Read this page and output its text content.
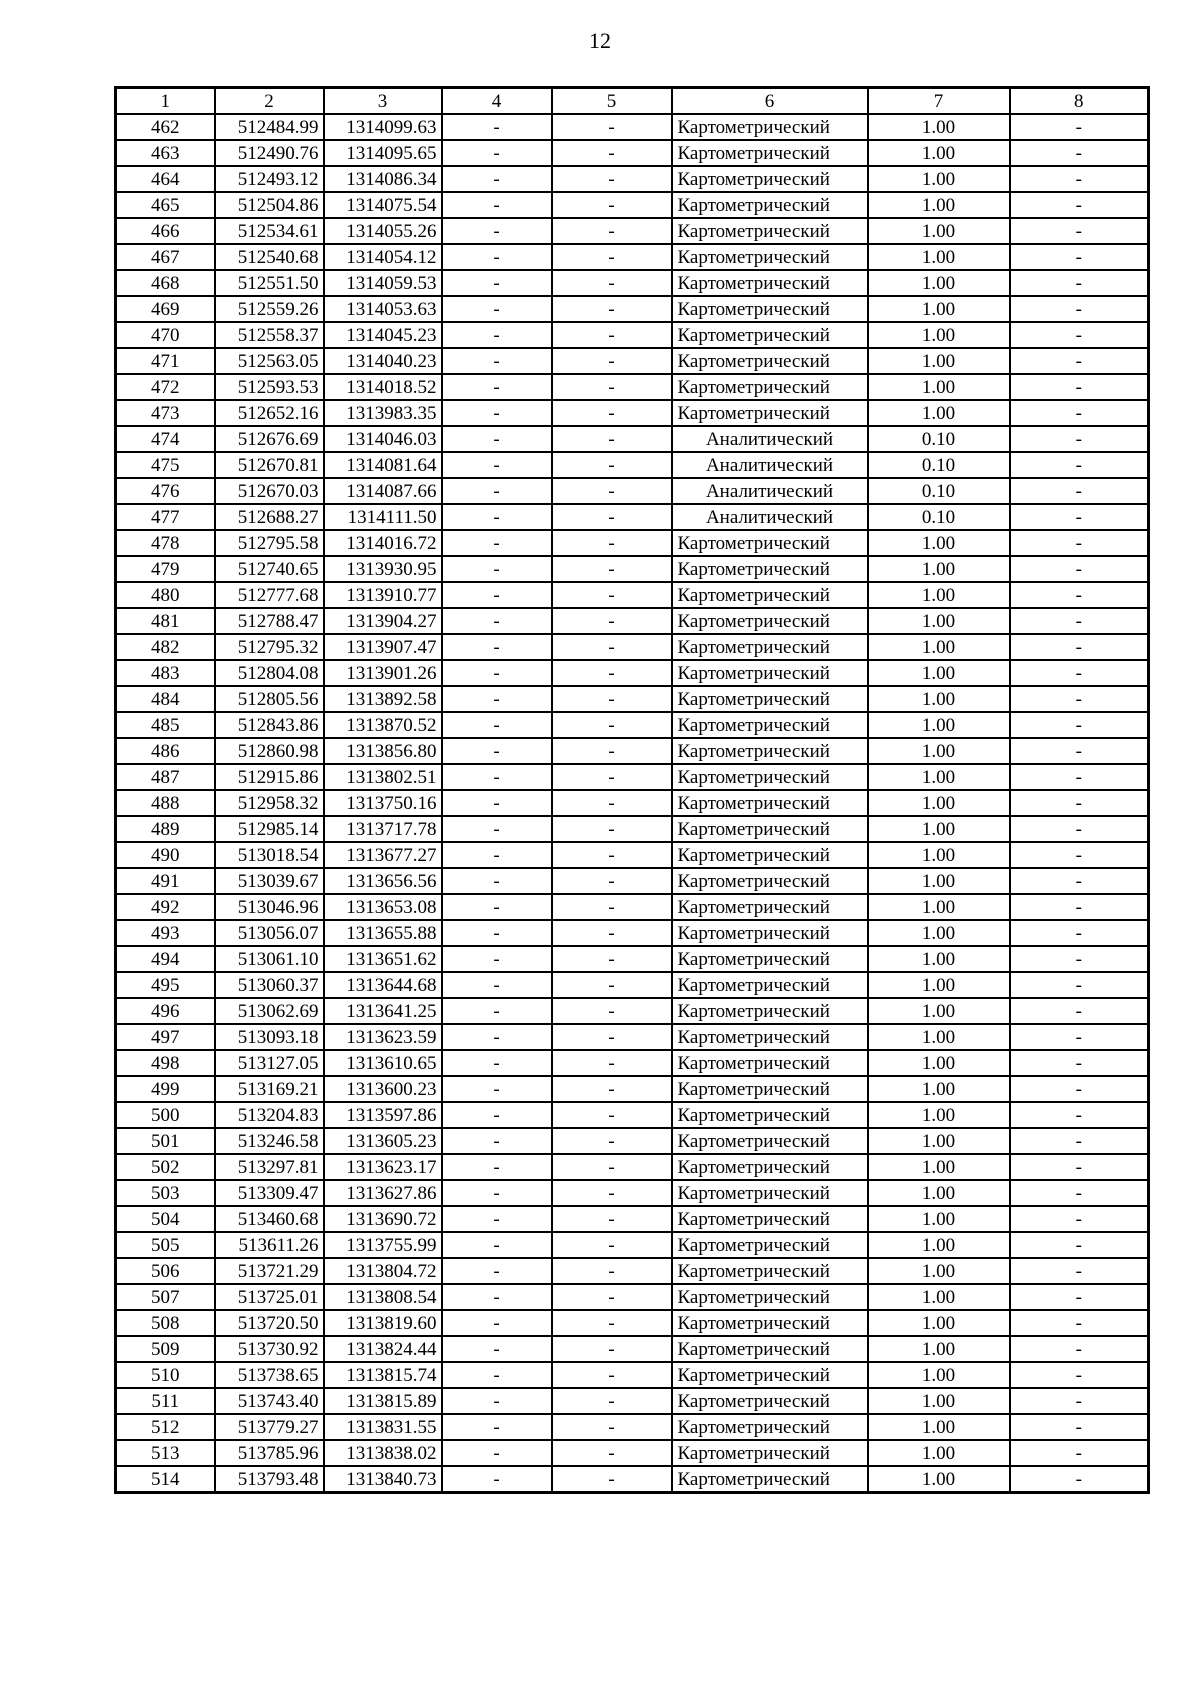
12
1	2	3	4	5	6	7	8
462	512484.99	1314099.63	-	-	Картометрический	1.00	-
463	512490.76	1314095.65	-	-	Картометрический	1.00	-
464	512493.12	1314086.34	-	-	Картометрический	1.00	-
465	512504.86	1314075.54	-	-	Картометрический	1.00	-
466	512534.61	1314055.26	-	-	Картометрический	1.00	-
467	512540.68	1314054.12	-	-	Картометрический	1.00	-
468	512551.50	1314059.53	-	-	Картометрический	1.00	-
469	512559.26	1314053.63	-	-	Картометрический	1.00	-
470	512558.37	1314045.23	-	-	Картометрический	1.00	-
471	512563.05	1314040.23	-	-	Картометрический	1.00	-
472	512593.53	1314018.52	-	-	Картометрический	1.00	-
473	512652.16	1313983.35	-	-	Картометрический	1.00	-
474	512676.69	1314046.03	-	-	Аналитический	0.10	-
475	512670.81	1314081.64	-	-	Аналитический	0.10	-
476	512670.03	1314087.66	-	-	Аналитический	0.10	-
477	512688.27	1314111.50	-	-	Аналитический	0.10	-
478	512795.58	1314016.72	-	-	Картометрический	1.00	-
479	512740.65	1313930.95	-	-	Картометрический	1.00	-
480	512777.68	1313910.77	-	-	Картометрический	1.00	-
481	512788.47	1313904.27	-	-	Картометрический	1.00	-
482	512795.32	1313907.47	-	-	Картометрический	1.00	-
483	512804.08	1313901.26	-	-	Картометрический	1.00	-
484	512805.56	1313892.58	-	-	Картометрический	1.00	-
485	512843.86	1313870.52	-	-	Картометрический	1.00	-
486	512860.98	1313856.80	-	-	Картометрический	1.00	-
487	512915.86	1313802.51	-	-	Картометрический	1.00	-
488	512958.32	1313750.16	-	-	Картометрический	1.00	-
489	512985.14	1313717.78	-	-	Картометрический	1.00	-
490	513018.54	1313677.27	-	-	Картометрический	1.00	-
491	513039.67	1313656.56	-	-	Картометрический	1.00	-
492	513046.96	1313653.08	-	-	Картометрический	1.00	-
493	513056.07	1313655.88	-	-	Картометрический	1.00	-
494	513061.10	1313651.62	-	-	Картометрический	1.00	-
495	513060.37	1313644.68	-	-	Картометрический	1.00	-
496	513062.69	1313641.25	-	-	Картометрический	1.00	-
497	513093.18	1313623.59	-	-	Картометрический	1.00	-
498	513127.05	1313610.65	-	-	Картометрический	1.00	-
499	513169.21	1313600.23	-	-	Картометрический	1.00	-
500	513204.83	1313597.86	-	-	Картометрический	1.00	-
501	513246.58	1313605.23	-	-	Картометрический	1.00	-
502	513297.81	1313623.17	-	-	Картометрический	1.00	-
503	513309.47	1313627.86	-	-	Картометрический	1.00	-
504	513460.68	1313690.72	-	-	Картометрический	1.00	-
505	513611.26	1313755.99	-	-	Картометрический	1.00	-
506	513721.29	1313804.72	-	-	Картометрический	1.00	-
507	513725.01	1313808.54	-	-	Картометрический	1.00	-
508	513720.50	1313819.60	-	-	Картометрический	1.00	-
509	513730.92	1313824.44	-	-	Картометрический	1.00	-
510	513738.65	1313815.74	-	-	Картометрический	1.00	-
511	513743.40	1313815.89	-	-	Картометрический	1.00	-
512	513779.27	1313831.55	-	-	Картометрический	1.00	-
513	513785.96	1313838.02	-	-	Картометрический	1.00	-
514	513793.48	1313840.73	-	-	Картометрический	1.00	-
